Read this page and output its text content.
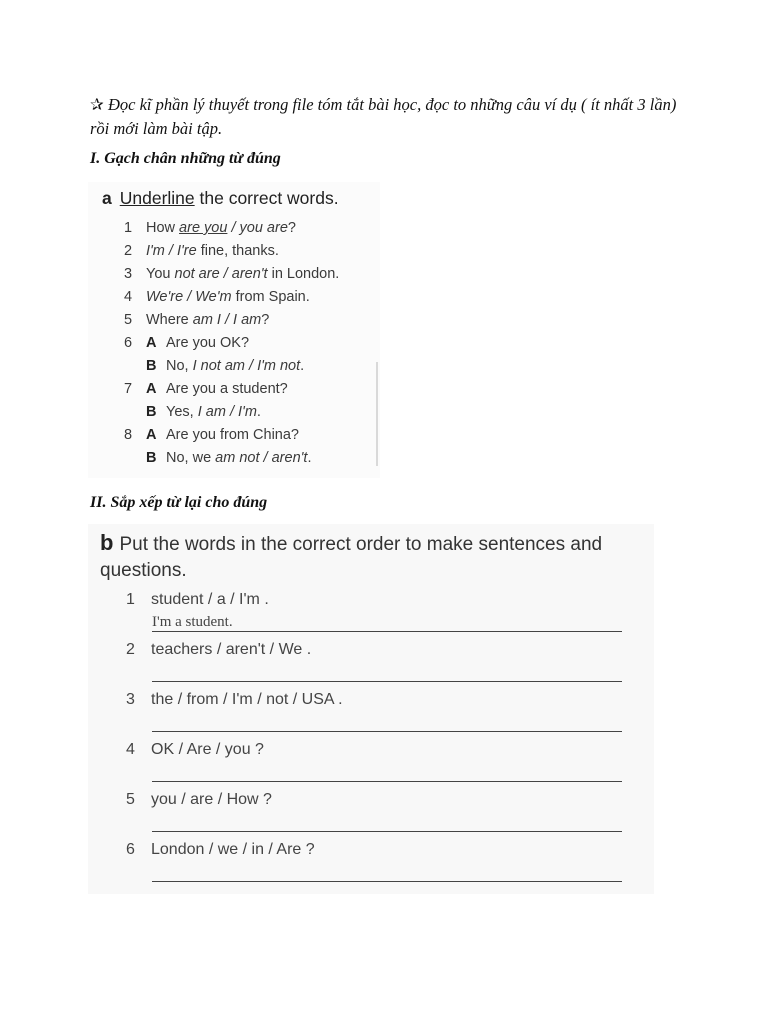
✰ Đọc kĩ phần lý thuyết trong file tóm tắt bài học, đọc to những câu ví dụ ( ít nhất 3 lần) rồi mới làm bài tập.
I. Gạch chân những từ đúng
a Underline the correct words.
1 How are you / you are?
2 I'm / I're fine, thanks.
3 You not are / aren't in London.
4 We're / We'm from Spain.
5 Where am I / I am?
6 A Are you OK?
B No, I not am / I'm not.
7 A Are you a student?
B Yes, I am / I'm.
8 A Are you from China?
B No, we am not / aren't.
II. Sắp xếp từ lại cho đúng
b Put the words in the correct order to make sentences and questions.
1 student / a / I'm .
I'm a student.
2 teachers / aren't / We .
3 the / from / I'm / not / USA .
4 OK / Are / you ?
5 you / are / How ?
6 London / we / in / Are ?
